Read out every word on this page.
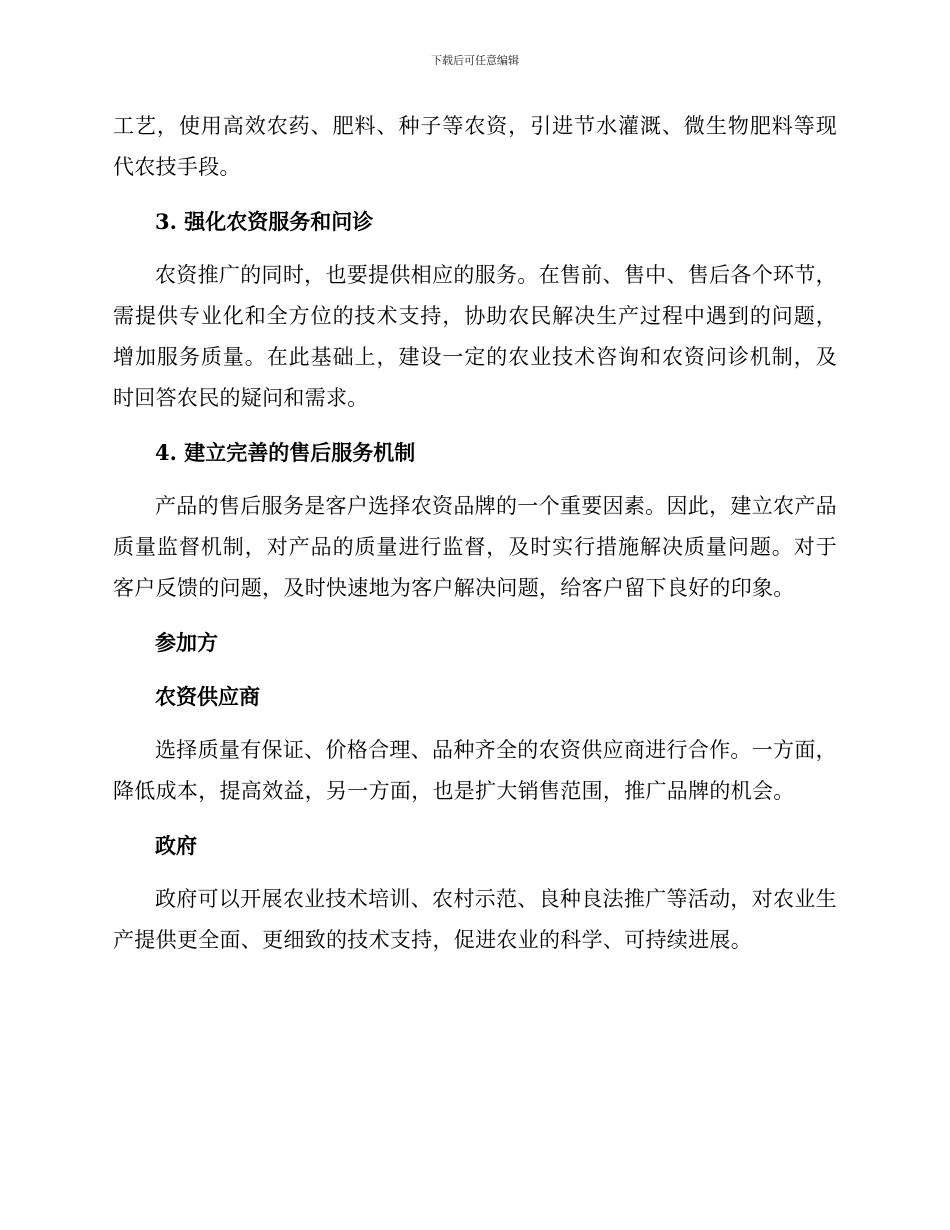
下载后可任意编辑

工艺，使用高效农药、肥料、种子等农资，引进节水灌溉、微生物肥料等现代农技手段。

3. 强化农资服务和问诊

农资推广的同时，也要提供相应的服务。在售前、售中、售后各个环节，需提供专业化和全方位的技术支持，协助农民解决生产过程中遇到的问题，增加服务质量。在此基础上，建设一定的农业技术咨询和农资问诊机制，及时回答农民的疑问和需求。

4. 建立完善的售后服务机制

产品的售后服务是客户选择农资品牌的一个重要因素。因此，建立农产品质量监督机制，对产品的质量进行监督，及时实行措施解决质量问题。对于客户反馈的问题，及时快速地为客户解决问题，给客户留下良好的印象。

参加方

农资供应商

选择质量有保证、价格合理、品种齐全的农资供应商进行合作。一方面，降低成本，提高效益，另一方面，也是扩大销售范围，推广品牌的机会。

政府

政府可以开展农业技术培训、农村示范、良种良法推广等活动，对农业生产提供更全面、更细致的技术支持，促进农业的科学、可持续进展。
